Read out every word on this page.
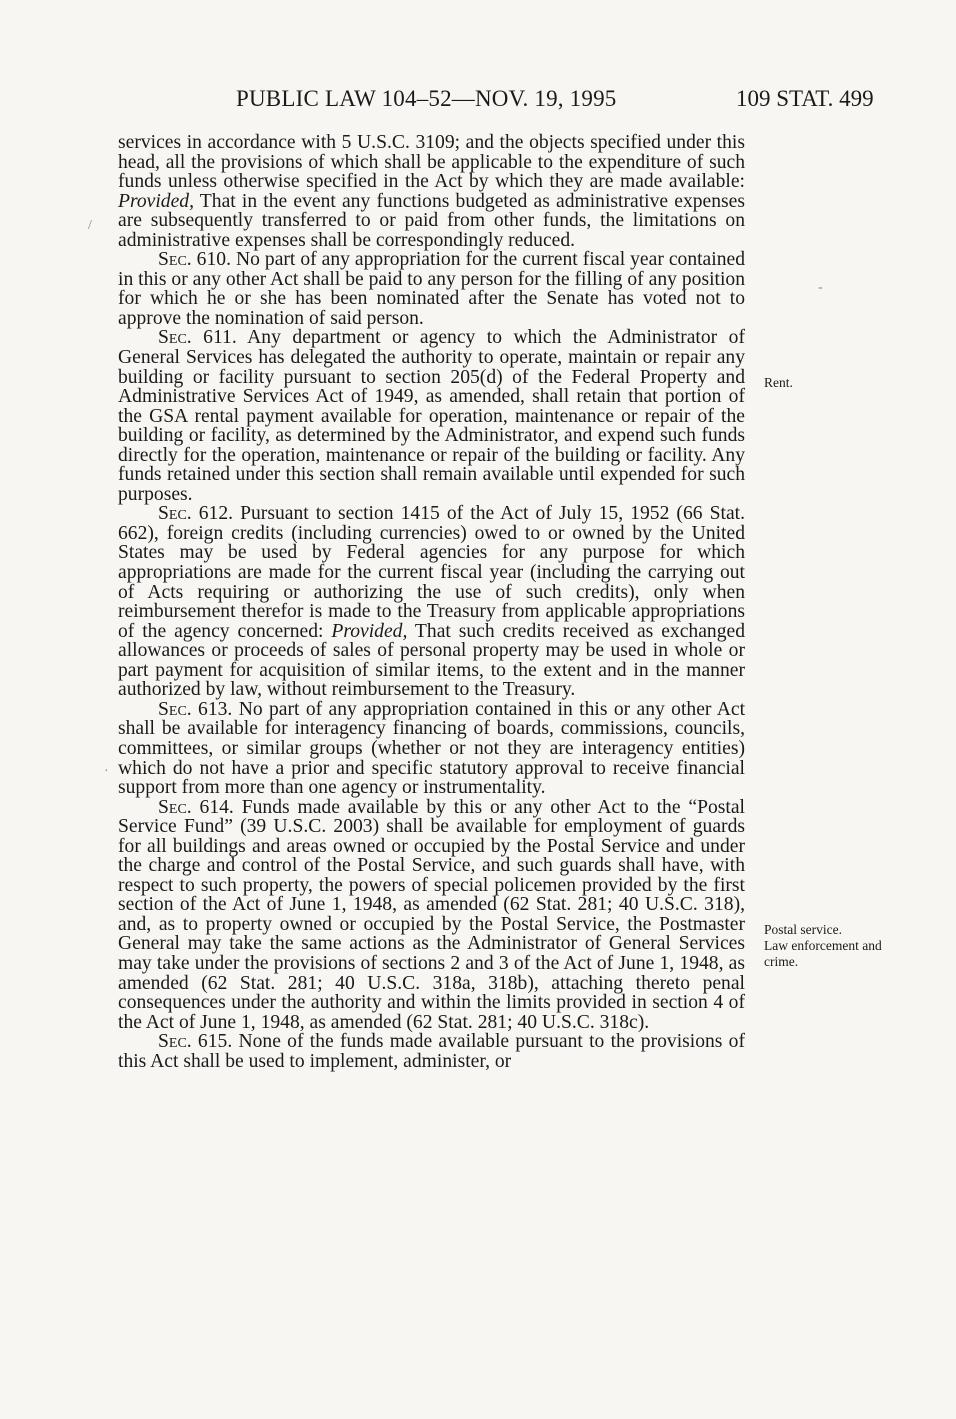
PUBLIC LAW 104–52—NOV. 19, 1995	109 STAT. 499

services in accordance with 5 U.S.C. 3109; and the objects specified under this head, all the provisions of which shall be applicable to the expenditure of such funds unless otherwise specified in the Act by which they are made available: Provided, That in the event any functions budgeted as administrative expenses are subsequently transferred to or paid from other funds, the limitations on administrative expenses shall be correspondingly reduced.

Sec. 610. No part of any appropriation for the current fiscal year contained in this or any other Act shall be paid to any person for the filling of any position for which he or she has been nominated after the Senate has voted not to approve the nomination of said person.

Sec. 611. Any department or agency to which the Administrator of General Services has delegated the authority to operate, maintain or repair any building or facility pursuant to section 205(d) of the Federal Property and Administrative Services Act of 1949, as amended, shall retain that portion of the GSA rental payment available for operation, maintenance or repair of the building or facility, as determined by the Administrator, and expend such funds directly for the operation, maintenance or repair of the building or facility. Any funds retained under this section shall remain available until expended for such purposes.

Sec. 612. Pursuant to section 1415 of the Act of July 15, 1952 (66 Stat. 662), foreign credits (including currencies) owed to or owned by the United States may be used by Federal agencies for any purpose for which appropriations are made for the current fiscal year (including the carrying out of Acts requiring or authorizing the use of such credits), only when reimbursement therefor is made to the Treasury from applicable appropriations of the agency concerned: Provided, That such credits received as exchanged allowances or proceeds of sales of personal property may be used in whole or part payment for acquisition of similar items, to the extent and in the manner authorized by law, without reimbursement to the Treasury.

Sec. 613. No part of any appropriation contained in this or any other Act shall be available for interagency financing of boards, commissions, councils, committees, or similar groups (whether or not they are interagency entities) which do not have a prior and specific statutory approval to receive financial support from more than one agency or instrumentality.

Sec. 614. Funds made available by this or any other Act to the “Postal Service Fund” (39 U.S.C. 2003) shall be available for employment of guards for all buildings and areas owned or occupied by the Postal Service and under the charge and control of the Postal Service, and such guards shall have, with respect to such property, the powers of special policemen provided by the first section of the Act of June 1, 1948, as amended (62 Stat. 281; 40 U.S.C. 318), and, as to property owned or occupied by the Postal Service, the Postmaster General may take the same actions as the Administrator of General Services may take under the provisions of sections 2 and 3 of the Act of June 1, 1948, as amended (62 Stat. 281; 40 U.S.C. 318a, 318b), attaching thereto penal consequences under the authority and within the limits provided in section 4 of the Act of June 1, 1948, as amended (62 Stat. 281; 40 U.S.C. 318c).

Sec. 615. None of the funds made available pursuant to the provisions of this Act shall be used to implement, administer, or

Rent.
Postal service.
Law enforcement and crime.
/
·
-
